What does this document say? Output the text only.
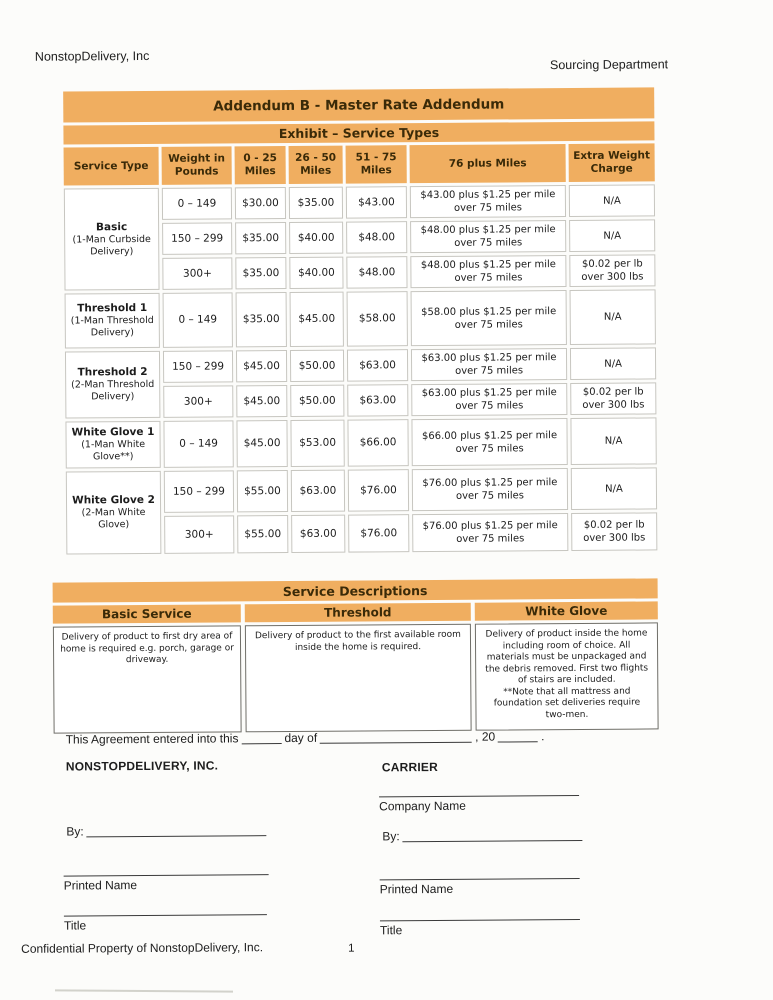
NonstopDelivery, Inc
Sourcing Department
Addendum B - Master Rate Addendum						
Exhibit – Service Types						
Service Type	Weight in Pounds	0 - 25 Miles	26 - 50 Miles	51 - 75 Miles	76 plus Miles	Extra Weight Charge

Basic
(1-Man Curbside Delivery)	0 – 149	$30.00	$35.00	$43.00	$43.00 plus $1.25 per mile over 75 miles	N/A
	150 – 299	$35.00	$40.00	$48.00	$48.00 plus $1.25 per mile over 75 miles	N/A
	300+	$35.00	$40.00	$48.00	$48.00 plus $1.25 per mile over 75 miles	$0.02 per lb over 300 lbs

Threshold 1
(1-Man Threshold Delivery)	0 – 149	$35.00	$45.00	$58.00	$58.00 plus $1.25 per mile over 75 miles	N/A

Threshold 2
(2-Man Threshold Delivery)	150 – 299	$45.00	$50.00	$63.00	$63.00 plus $1.25 per mile over 75 miles	N/A
	300+	$45.00	$50.00	$63.00	$63.00 plus $1.25 per mile over 75 miles	$0.02 per lb over 300 lbs

White Glove 1
(1-Man White Glove**)	0 – 149	$45.00	$53.00	$66.00	$66.00 plus $1.25 per mile over 75 miles	N/A

White Glove 2
(2-Man White Glove)	150 – 299	$55.00	$63.00	$76.00	$76.00 plus $1.25 per mile over 75 miles	N/A
	300+	$55.00	$63.00	$76.00	$76.00 plus $1.25 per mile over 75 miles	$0.02 per lb over 300 lbs
Service Descriptions		
Basic Service	Threshold	White Glove
Delivery of product to first dry area of home is required e.g. porch, garage or driveway.	Delivery of product to the first available room inside the home is required.	Delivery of product inside the home including room of choice. All materials must be unpackaged and the debris removed. First two flights of stairs are included.
**Note that all mattress and foundation set deliveries require two-men.
This Agreement entered into this	day of	, 20	.
NONSTOPDELIVERY, INC.
By:
Printed Name
Title
CARRIER
Company Name
By:
Printed Name
Title
Confidential Property of NonstopDelivery, Inc.	1
